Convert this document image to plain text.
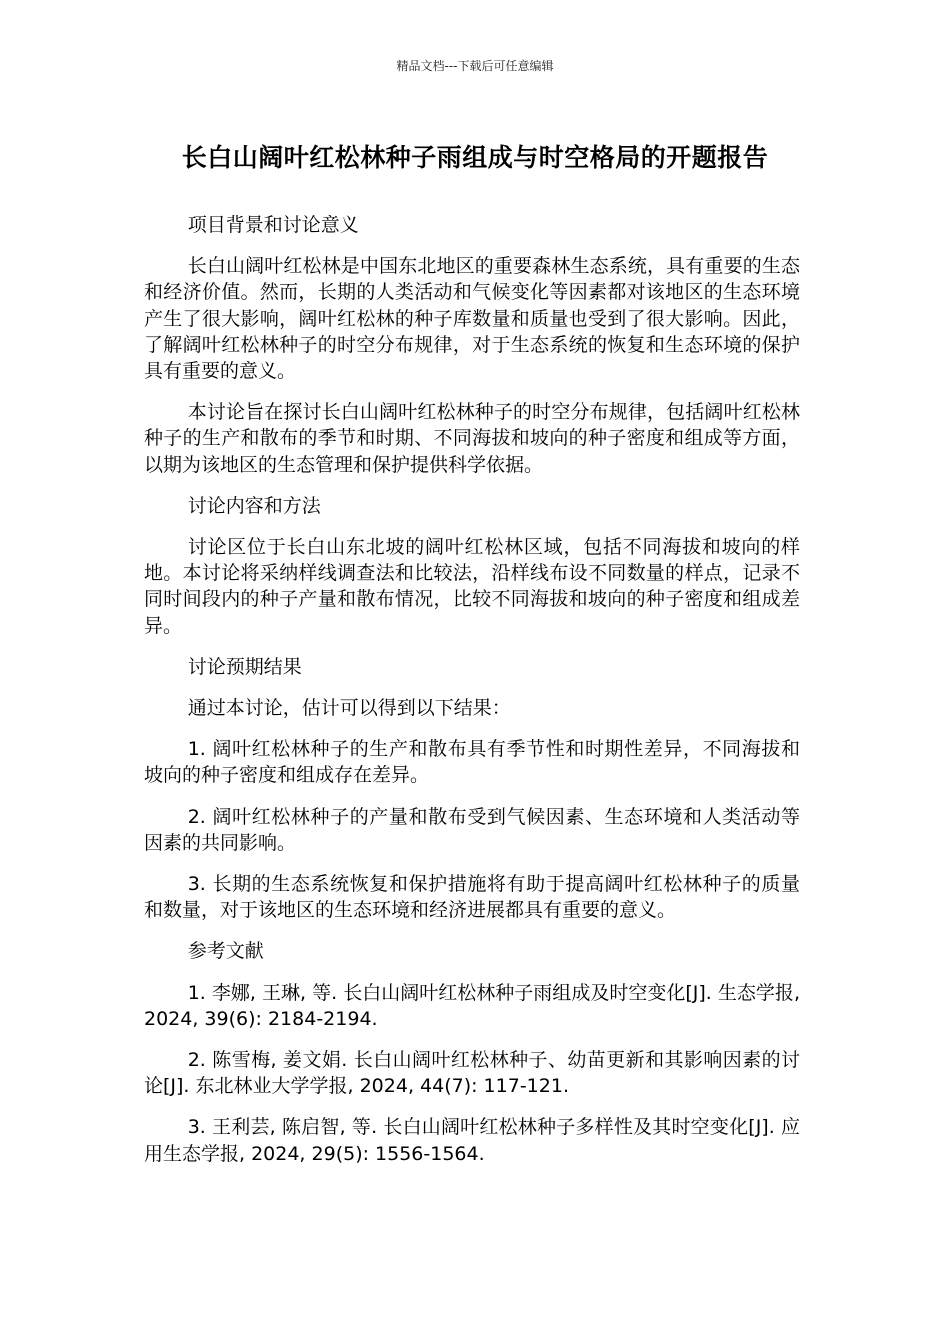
精品文档---下载后可任意编辑
长白山阔叶红松林种子雨组成与时空格局的开题报告

项目背景和讨论意义

长白山阔叶红松林是中国东北地区的重要森林生态系统，具有重要的生态和经济价值。然而，长期的人类活动和气候变化等因素都对该地区的生态环境产生了很大影响，阔叶红松林的种子库数量和质量也受到了很大影响。因此，了解阔叶红松林种子的时空分布规律，对于生态系统的恢复和生态环境的保护具有重要的意义。

本讨论旨在探讨长白山阔叶红松林种子的时空分布规律，包括阔叶红松林种子的生产和散布的季节和时期、不同海拔和坡向的种子密度和组成等方面，以期为该地区的生态管理和保护提供科学依据。

讨论内容和方法

讨论区位于长白山东北坡的阔叶红松林区域，包括不同海拔和坡向的样地。本讨论将采纳样线调查法和比较法，沿样线布设不同数量的样点，记录不同时间段内的种子产量和散布情况，比较不同海拔和坡向的种子密度和组成差异。

讨论预期结果

通过本讨论，估计可以得到以下结果：

1. 阔叶红松林种子的生产和散布具有季节性和时期性差异，不同海拔和坡向的种子密度和组成存在差异。

2. 阔叶红松林种子的产量和散布受到气候因素、生态环境和人类活动等因素的共同影响。

3. 长期的生态系统恢复和保护措施将有助于提高阔叶红松林种子的质量和数量，对于该地区的生态环境和经济进展都具有重要的意义。

参考文献

1. 李娜, 王琳, 等. 长白山阔叶红松林种子雨组成及时空变化[J]. 生态学报, 2024, 39(6): 2184-2194.

2. 陈雪梅, 姜文娟. 长白山阔叶红松林种子、幼苗更新和其影响因素的讨论[J]. 东北林业大学学报, 2024, 44(7): 117-121.

3. 王利芸, 陈启智, 等. 长白山阔叶红松林种子多样性及其时空变化[J]. 应用生态学报, 2024, 29(5): 1556-1564.
